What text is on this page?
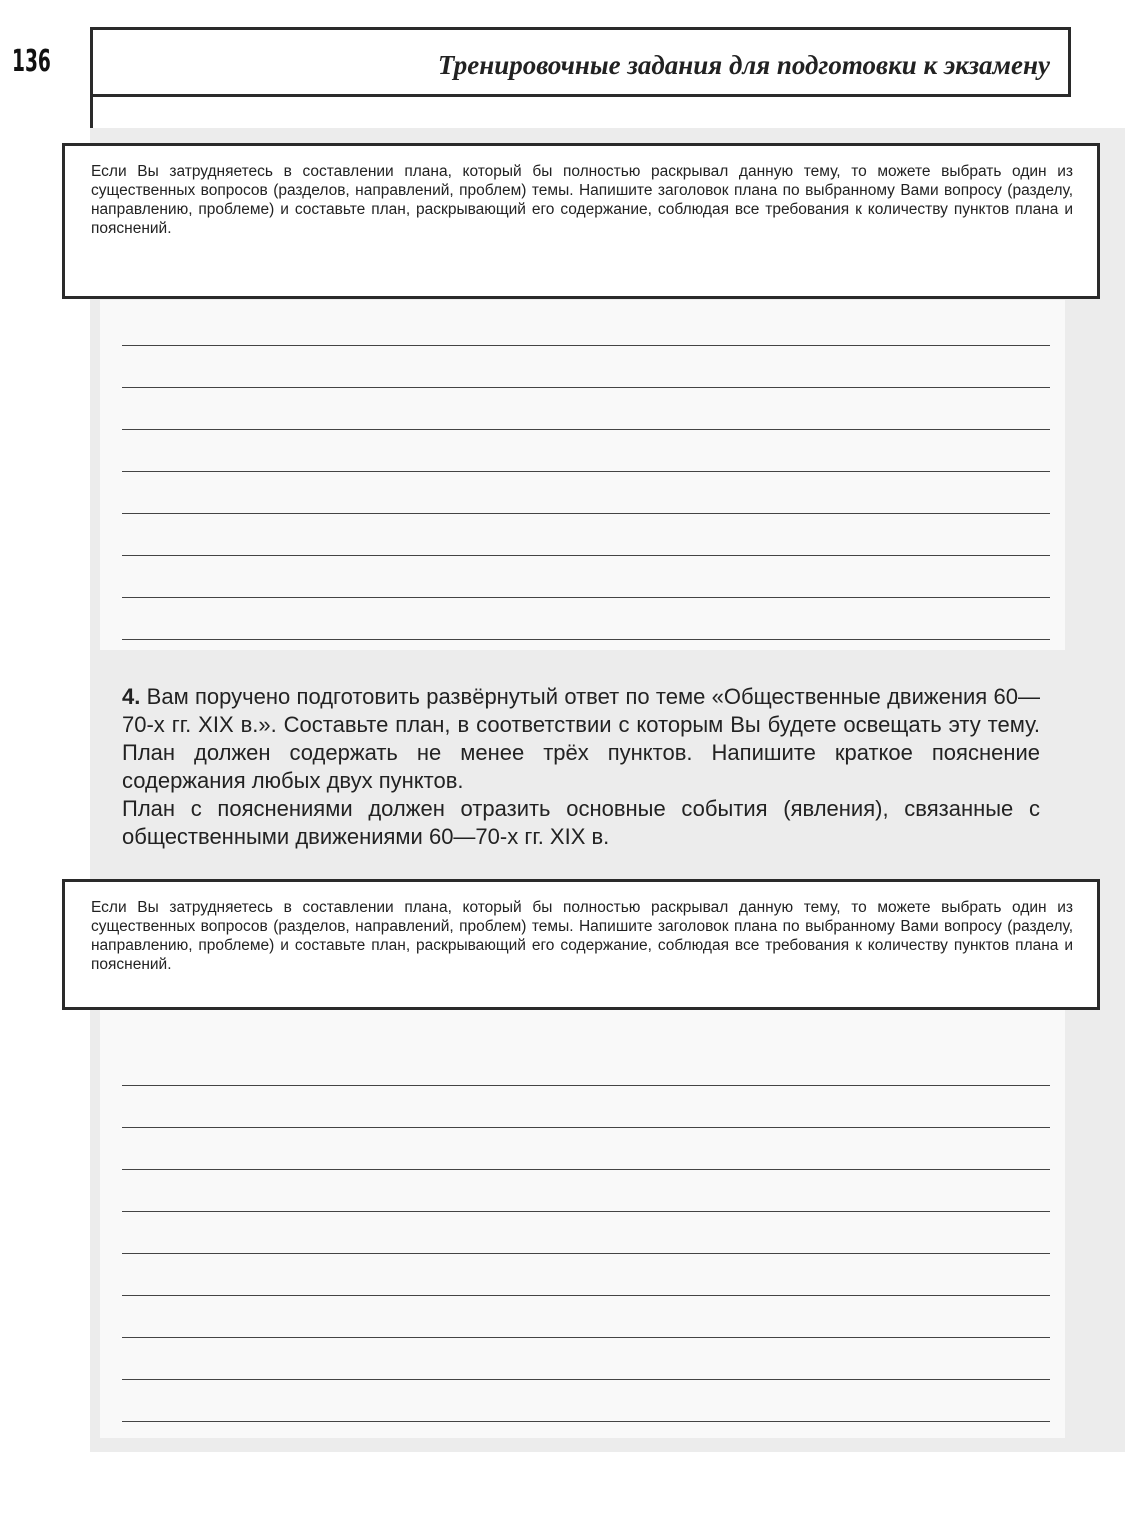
136	Тренировочные задания для подготовки к экзамену
Если Вы затрудняетесь в составлении плана, который бы полностью раскрывал данную тему, то можете выбрать один из существенных вопросов (разделов, направлений, проблем) темы. Напишите заголовок плана по выбранному Вами вопросу (разделу, направлению, проблеме) и составьте план, раскрывающий его содержание, соблюдая все требования к количеству пунктов плана и пояснений.

4. Вам поручено подготовить развёрнутый ответ по теме «Общественные движения 60—70-х гг. XIX в.». Составьте план, в соответствии с которым Вы будете освещать эту тему. План должен содержать не менее трёх пунктов. Напишите краткое пояснение содержания любых двух пунктов.

План с пояснениями должен отразить основные события (явления), связанные с общественными движениями 60—70-х гг. XIX в.

Если Вы затрудняетесь в составлении плана, который бы полностью раскрывал данную тему, то можете выбрать один из существенных вопросов (разделов, направлений, проблем) темы. Напишите заголовок плана по выбранному Вами вопросу (разделу, направлению, проблеме) и составьте план, раскрывающий его содержание, соблюдая все требования к количеству пунктов плана и пояснений.
